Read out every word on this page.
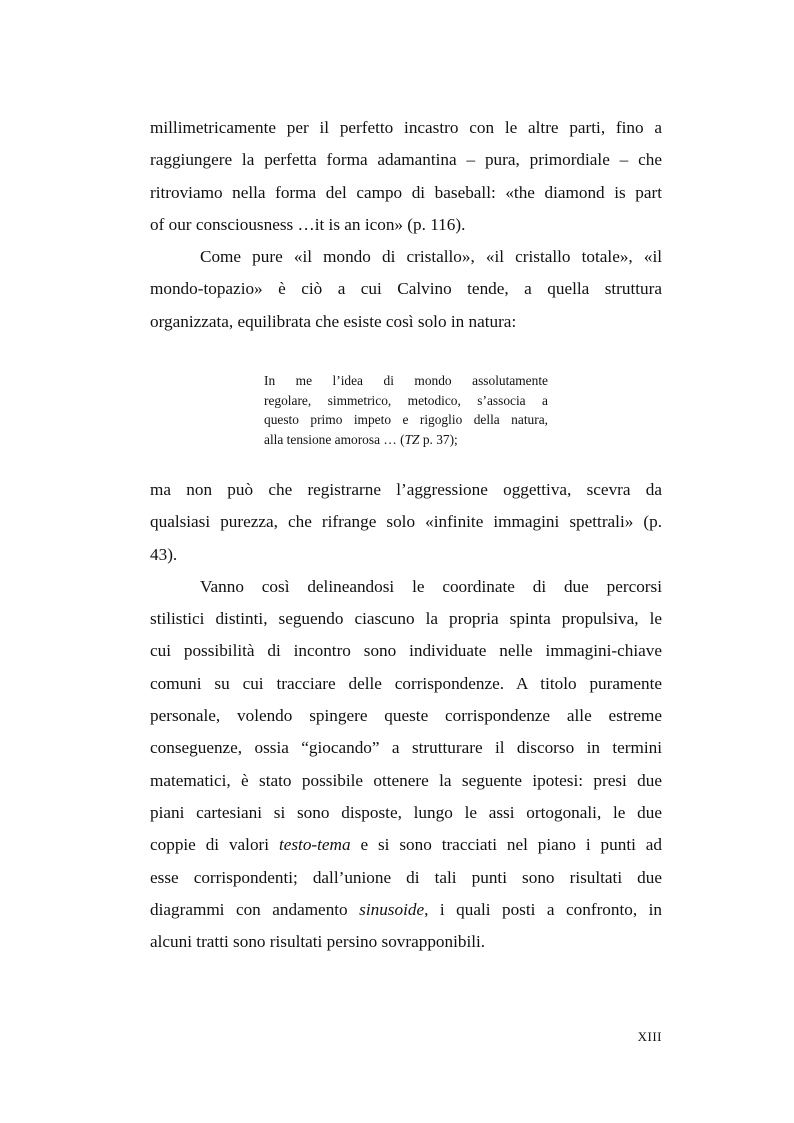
millimetricamente per il perfetto incastro con le altre parti, fino a
raggiungere la perfetta forma adamantina – pura, primordiale – che
ritroviamo nella forma del campo di baseball: «the diamond is part
of our consciousness …it is an icon» (p. 116).
Come pure «il mondo di cristallo», «il cristallo totale», «il
mondo-topazio» è ciò a cui Calvino tende, a quella struttura
organizzata, equilibrata che esiste così solo in natura:
In me l’idea di mondo assolutamente
regolare, simmetrico, metodico, s’associa a
questo primo impeto e rigoglio della natura,
alla tensione amorosa … (TZ p. 37);
ma non può che registrarne l’aggressione oggettiva, scevra da
qualsiasi purezza, che rifrange solo «infinite immagini spettrali» (p.
43).
Vanno così delineandosi le coordinate di due percorsi
stilistici distinti, seguendo ciascuno la propria spinta propulsiva, le
cui possibilità di incontro sono individuate nelle immagini-chiave
comuni su cui tracciare delle corrispondenze. A titolo puramente
personale, volendo spingere queste corrispondenze alle estreme
conseguenze, ossia “giocando” a strutturare il discorso in termini
matematici, è stato possibile ottenere la seguente ipotesi: presi due
piani cartesiani si sono disposte, lungo le assi ortogonali, le due
coppie di valori testo-tema e si sono tracciati nel piano i punti ad
esse corrispondenti; dall’unione di tali punti sono risultati due
diagrammi con andamento sinusoide, i quali posti a confronto, in
alcuni tratti sono risultati persino sovrapponibili.
XIII
